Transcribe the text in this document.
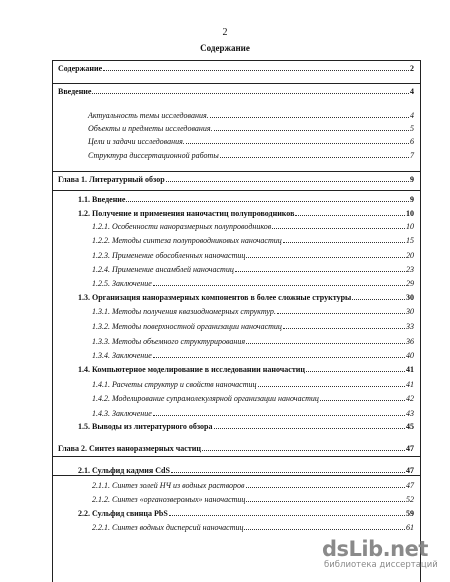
2
Содержание
Содержание	2
Введение	4
Актуальность темы исследования.	4
Объекты и предметы исследования.	5
Цели и задачи исследования.	6
Структура диссертационной работы	7
Глава 1. Литературный обзор	9
1.1. Введение	9
1.2. Получение и применения наночастиц полупроводников	10
1.2.1. Особенности наноразмерных полупроводников	10
1.2.2. Методы синтеза полупроводниковых наночастиц	15
1.2.3. Применение обособленных наночастиц	20
1.2.4. Применение ансамблей наночастиц	23
1.2.5. Заключение	29
1.3. Организация наноразмерных компонентов в более сложные структуры	30
1.3.1. Методы получения квазиодномерных структур.	30
1.3.2. Методы поверхностной организации наночастиц	33
1.3.3. Методы объемного структурирования	36
1.3.4. Заключение	40
1.4. Компьютерное моделирование в исследовании наночастиц	41
1.4.1. Расчеты структур и свойств наночастиц	41
1.4.2. Моделирование супрамолекулярной организации наночастиц	42
1.4.3. Заключение	43
1.5. Выводы из литературного обзора	45
Глава 2. Синтез наноразмерных частиц	47
2.1. Сульфид кадмия CdS	47
2.1.1. Синтез золей НЧ из водных растворов	47
2.1.2. Синтез «органозверомых» наночастиц	52
2.2. Сульфид свинца PbS	59
2.2.1. Синтез водных дисперсий наночастиц	61
dsLib.net
библиотека диссертаций
